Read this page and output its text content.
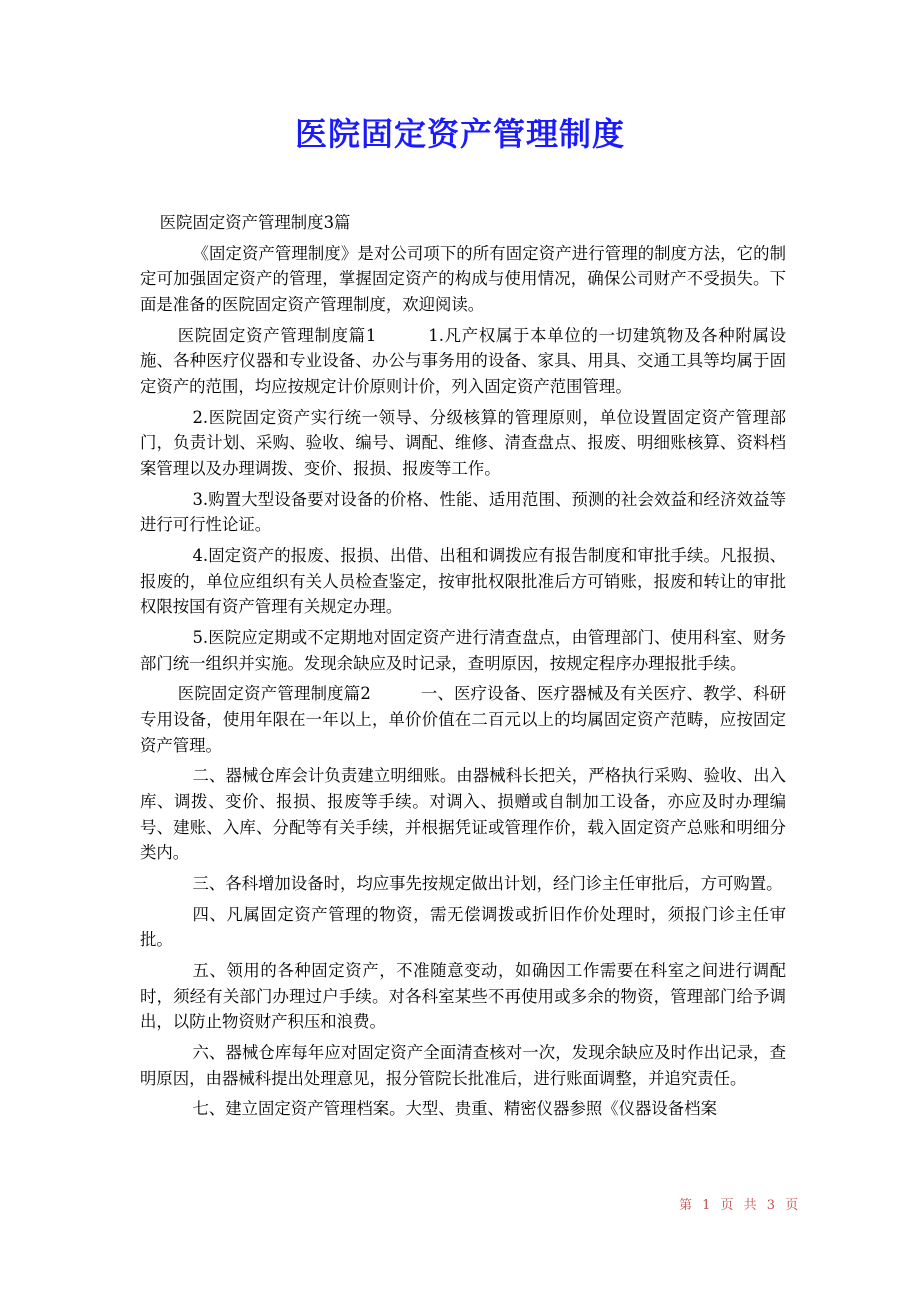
医院固定资产管理制度

医院固定资产管理制度3篇

《固定资产管理制度》是对公司项下的所有固定资产进行管理的制度方法，它的制定可加强固定资产的管理，掌握固定资产的构成与使用情况，确保公司财产不受损失。下面是准备的医院固定资产管理制度，欢迎阅读。

医院固定资产管理制度篇1　　　1.凡产权属于本单位的一切建筑物及各种附属设施、各种医疗仪器和专业设备、办公与事务用的设备、家具、用具、交通工具等均属于固定资产的范围，均应按规定计价原则计价，列入固定资产范围管理。

2.医院固定资产实行统一领导、分级核算的管理原则，单位设置固定资产管理部门，负责计划、采购、验收、编号、调配、维修、清查盘点、报废、明细账核算、资料档案管理以及办理调拨、变价、报损、报废等工作。

3.购置大型设备要对设备的价格、性能、适用范围、预测的社会效益和经济效益等进行可行性论证。

4.固定资产的报废、报损、出借、出租和调拨应有报告制度和审批手续。凡报损、报废的，单位应组织有关人员检查鉴定，按审批权限批准后方可销账，报废和转让的审批权限按国有资产管理有关规定办理。

5.医院应定期或不定期地对固定资产进行清查盘点，由管理部门、使用科室、财务部门统一组织并实施。发现余缺应及时记录，查明原因，按规定程序办理报批手续。

医院固定资产管理制度篇2　　　一、医疗设备、医疗器械及有关医疗、教学、科研专用设备，使用年限在一年以上，单价价值在二百元以上的均属固定资产范畴，应按固定资产管理。

二、器械仓库会计负责建立明细账。由器械科长把关，严格执行采购、验收、出入库、调拨、变价、报损、报废等手续。对调入、损赠或自制加工设备，亦应及时办理编号、建账、入库、分配等有关手续，并根据凭证或管理作价，载入固定资产总账和明细分类内。

三、各科增加设备时，均应事先按规定做出计划，经门诊主任审批后，方可购置。

四、凡属固定资产管理的物资，需无偿调拨或折旧作价处理时，须报门诊主任审批。

五、领用的各种固定资产，不准随意变动，如确因工作需要在科室之间进行调配时，须经有关部门办理过户手续。对各科室某些不再使用或多余的物资，管理部门给予调出，以防止物资财产积压和浪费。

六、器械仓库每年应对固定资产全面清查核对一次，发现余缺应及时作出记录，查明原因，由器械科提出处理意见，报分管院长批准后，进行账面调整，并追究责任。

七、建立固定资产管理档案。大型、贵重、精密仪器参照《仪器设备档案

第 1 页 共 3 页
